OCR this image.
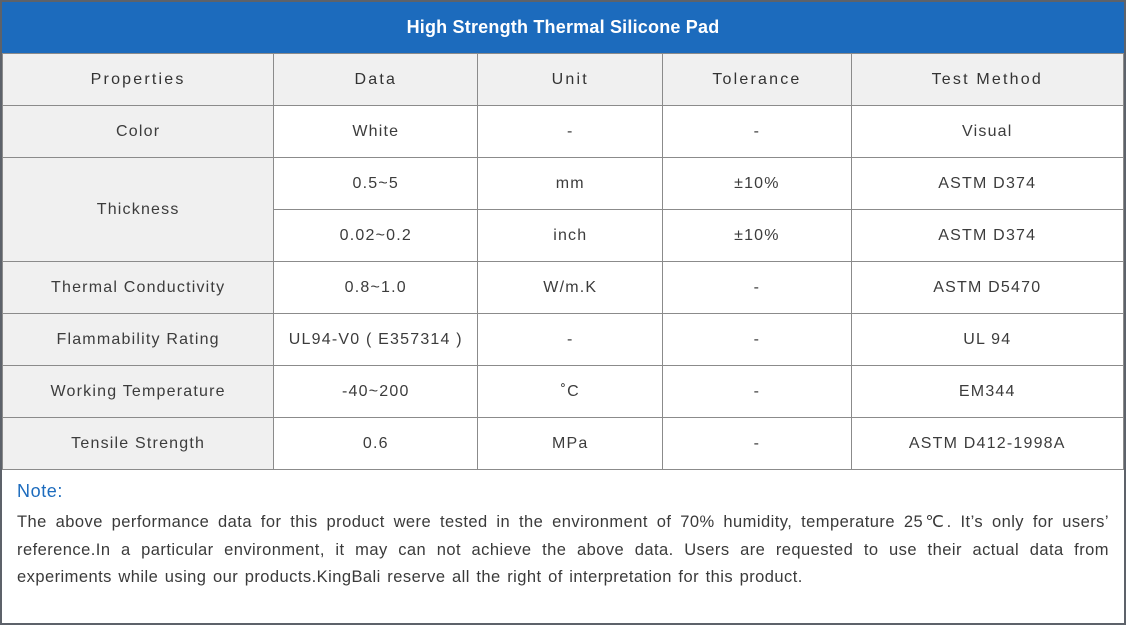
High Strength Thermal Silicone Pad
Properties	Data	Unit	Tolerance	Test Method
Color	White	-	-	Visual
Thickness	0.5~5	mm	±10%	ASTM D374
	0.02~0.2	inch	±10%	ASTM D374
Thermal Conductivity	0.8~1.0	W/m.K	-	ASTM D5470
Flammability Rating	UL94-V0 ( E357314 )	-	-	UL 94
Working Temperature	-40~200	˚C	-	EM344
Tensile Strength	0.6	MPa	-	ASTM D412-1998A
Note:

The above performance data for this product were tested in the environment of 70% humidity, temperature 25℃. It’s only for users’ reference.In a particular environment, it may can not achieve the above data. Users are requested to use their actual data from experiments while using our products.KingBali reserve all the right of interpretation for this product.
